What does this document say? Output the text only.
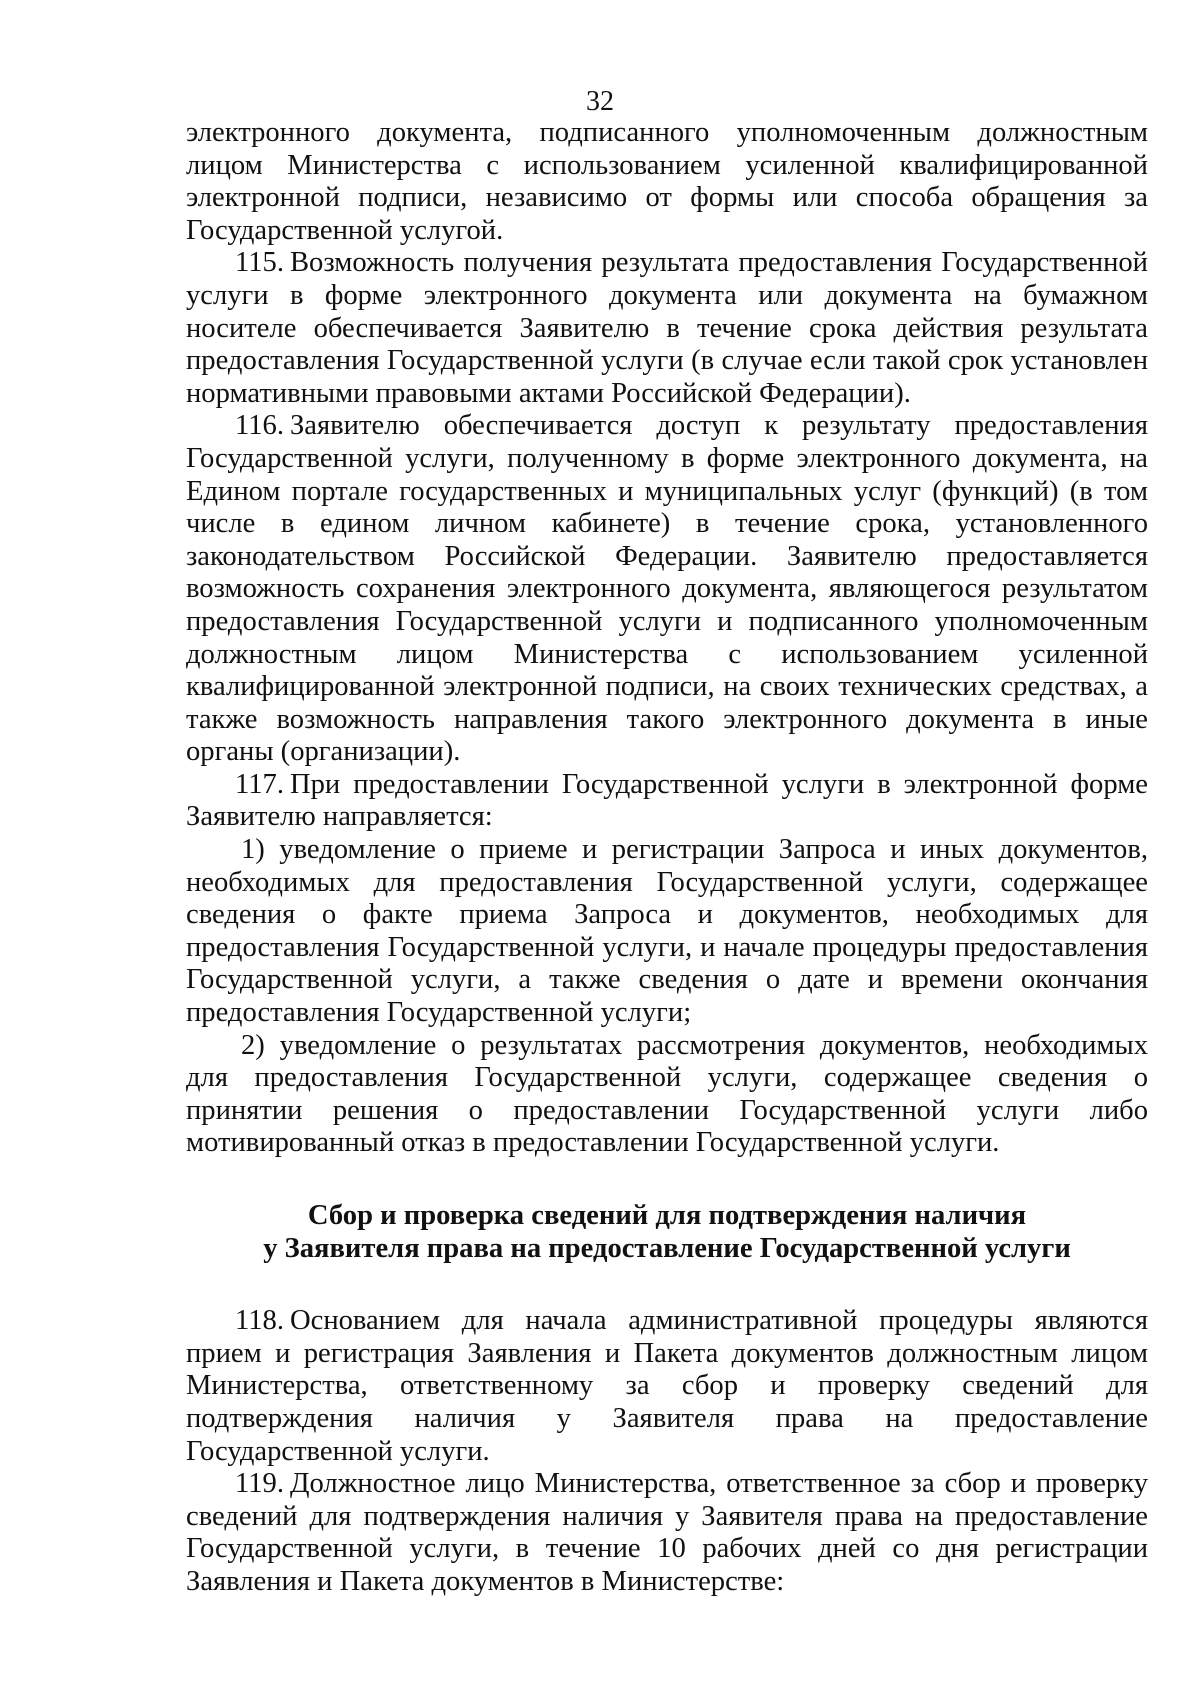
32

электронного документа, подписанного уполномоченным должностным лицом Министерства с использованием усиленной квалифицированной электронной подписи, независимо от формы или способа обращения за Государственной услугой.

115. Возможность получения результата предоставления Государственной услуги в форме электронного документа или документа на бумажном носителе обеспечивается Заявителю в течение срока действия результата предоставления Государственной услуги (в случае если такой срок установлен нормативными правовыми актами Российской Федерации).

116. Заявителю обеспечивается доступ к результату предоставления Государственной услуги, полученному в форме электронного документа, на Едином портале государственных и муниципальных услуг (функций) (в том числе в едином личном кабинете) в течение срока, установленного законодательством Российской Федерации. Заявителю предоставляется возможность сохранения электронного документа, являющегося результатом предоставления Государственной услуги и подписанного уполномоченным должностным лицом Министерства с использованием усиленной квалифицированной электронной подписи, на своих технических средствах, а также возможность направления такого электронного документа в иные органы (организации).

117. При предоставлении Государственной услуги в электронной форме Заявителю направляется:

1) уведомление о приеме и регистрации Запроса и иных документов, необходимых для предоставления Государственной услуги, содержащее сведения о факте приема Запроса и документов, необходимых для предоставления Государственной услуги, и начале процедуры предоставления Государственной услуги, а также сведения о дате и времени окончания предоставления Государственной услуги;

2) уведомление о результатах рассмотрения документов, необходимых для предоставления Государственной услуги, содержащее сведения о принятии решения о предоставлении Государственной услуги либо мотивированный отказ в предоставлении Государственной услуги.

Сбор и проверка сведений для подтверждения наличия
у Заявителя права на предоставление Государственной услуги

118. Основанием для начала административной процедуры являются прием и регистрация Заявления и Пакета документов должностным лицом Министерства, ответственному за сбор и проверку сведений для подтверждения наличия у Заявителя права на предоставление Государственной услуги.

119. Должностное лицо Министерства, ответственное за сбор и проверку сведений для подтверждения наличия у Заявителя права на предоставление Государственной услуги, в течение 10 рабочих дней со дня регистрации Заявления и Пакета документов в Министерстве:
